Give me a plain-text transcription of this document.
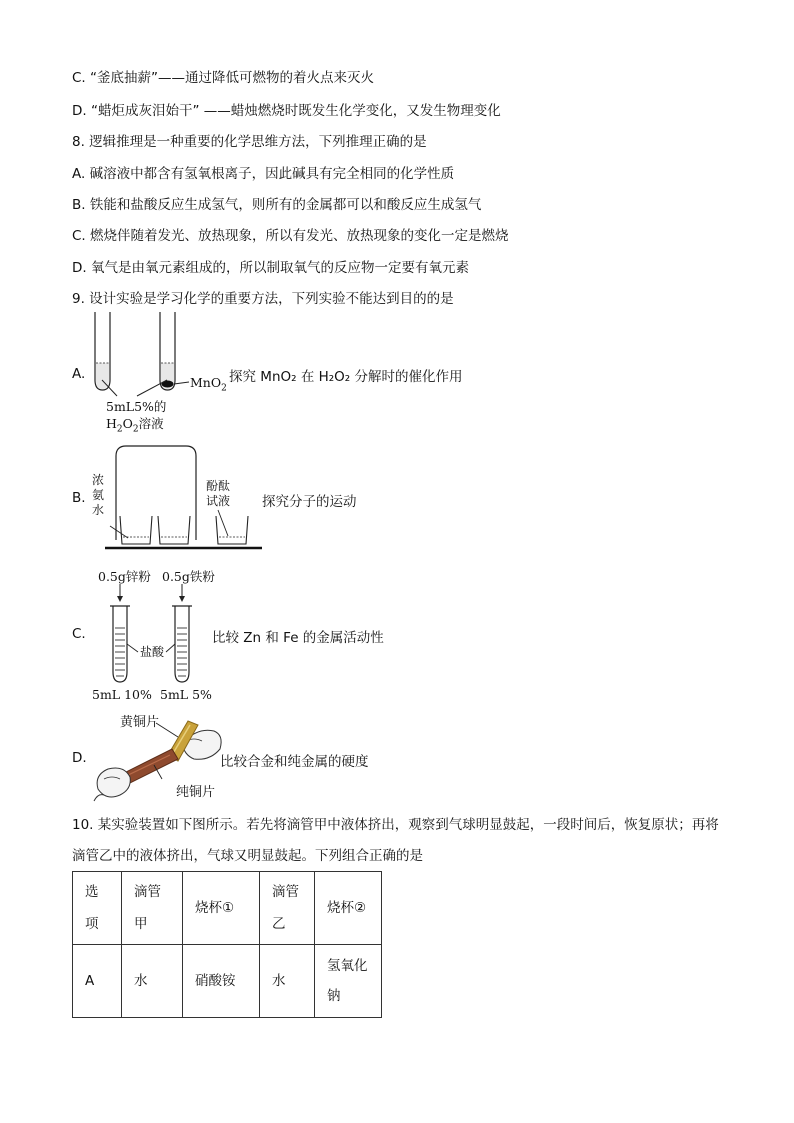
C. “釜底抽薪”——通过降低可燃物的着火点来灭火
D. “蜡炬成灰泪始干” ——蜡烛燃烧时既发生化学变化，又发生物理变化
8. 逻辑推理是一种重要的化学思维方法，下列推理正确的是
A. 碱溶液中都含有氢氧根离子，因此碱具有完全相同的化学性质
B. 铁能和盐酸反应生成氢气，则所有的金属都可以和酸反应生成氢气
C. 燃烧伴随着发光、放热现象，所以有发光、放热现象的变化一定是燃烧
D. 氧气是由氧元素组成的，所以制取氧气的反应物一定要有氧元素
9. 设计实验是学习化学的重要方法，下列实验不能达到目的的是
A.
MnO$_2$
探究 MnO₂ 在 H₂O₂ 分解时的催化作用
5mL5%的
$H_2O_2$溶液
B.
浓
氨
水
酚酞
试液 探究分子的运动
C.
0.5g锌粉 0.5g铁粉
盐酸
5mL 10% 5mL 5%
比较 Zn 和 Fe 的金属活动性
D.
黄铜片
纯铜片
比较合金和纯金属的硬度
10. 某实验装置如下图所示。若先将滴管甲中液体挤出，观察到气球明显鼓起，一段时间后，恢复原状；再将滴管乙中的液体挤出，气球又明显鼓起。下列组合正确的是
选项	滴管甲	烧杯①	滴管乙	烧杯②
A	水	硝酸铵	水	氢氧化钠
